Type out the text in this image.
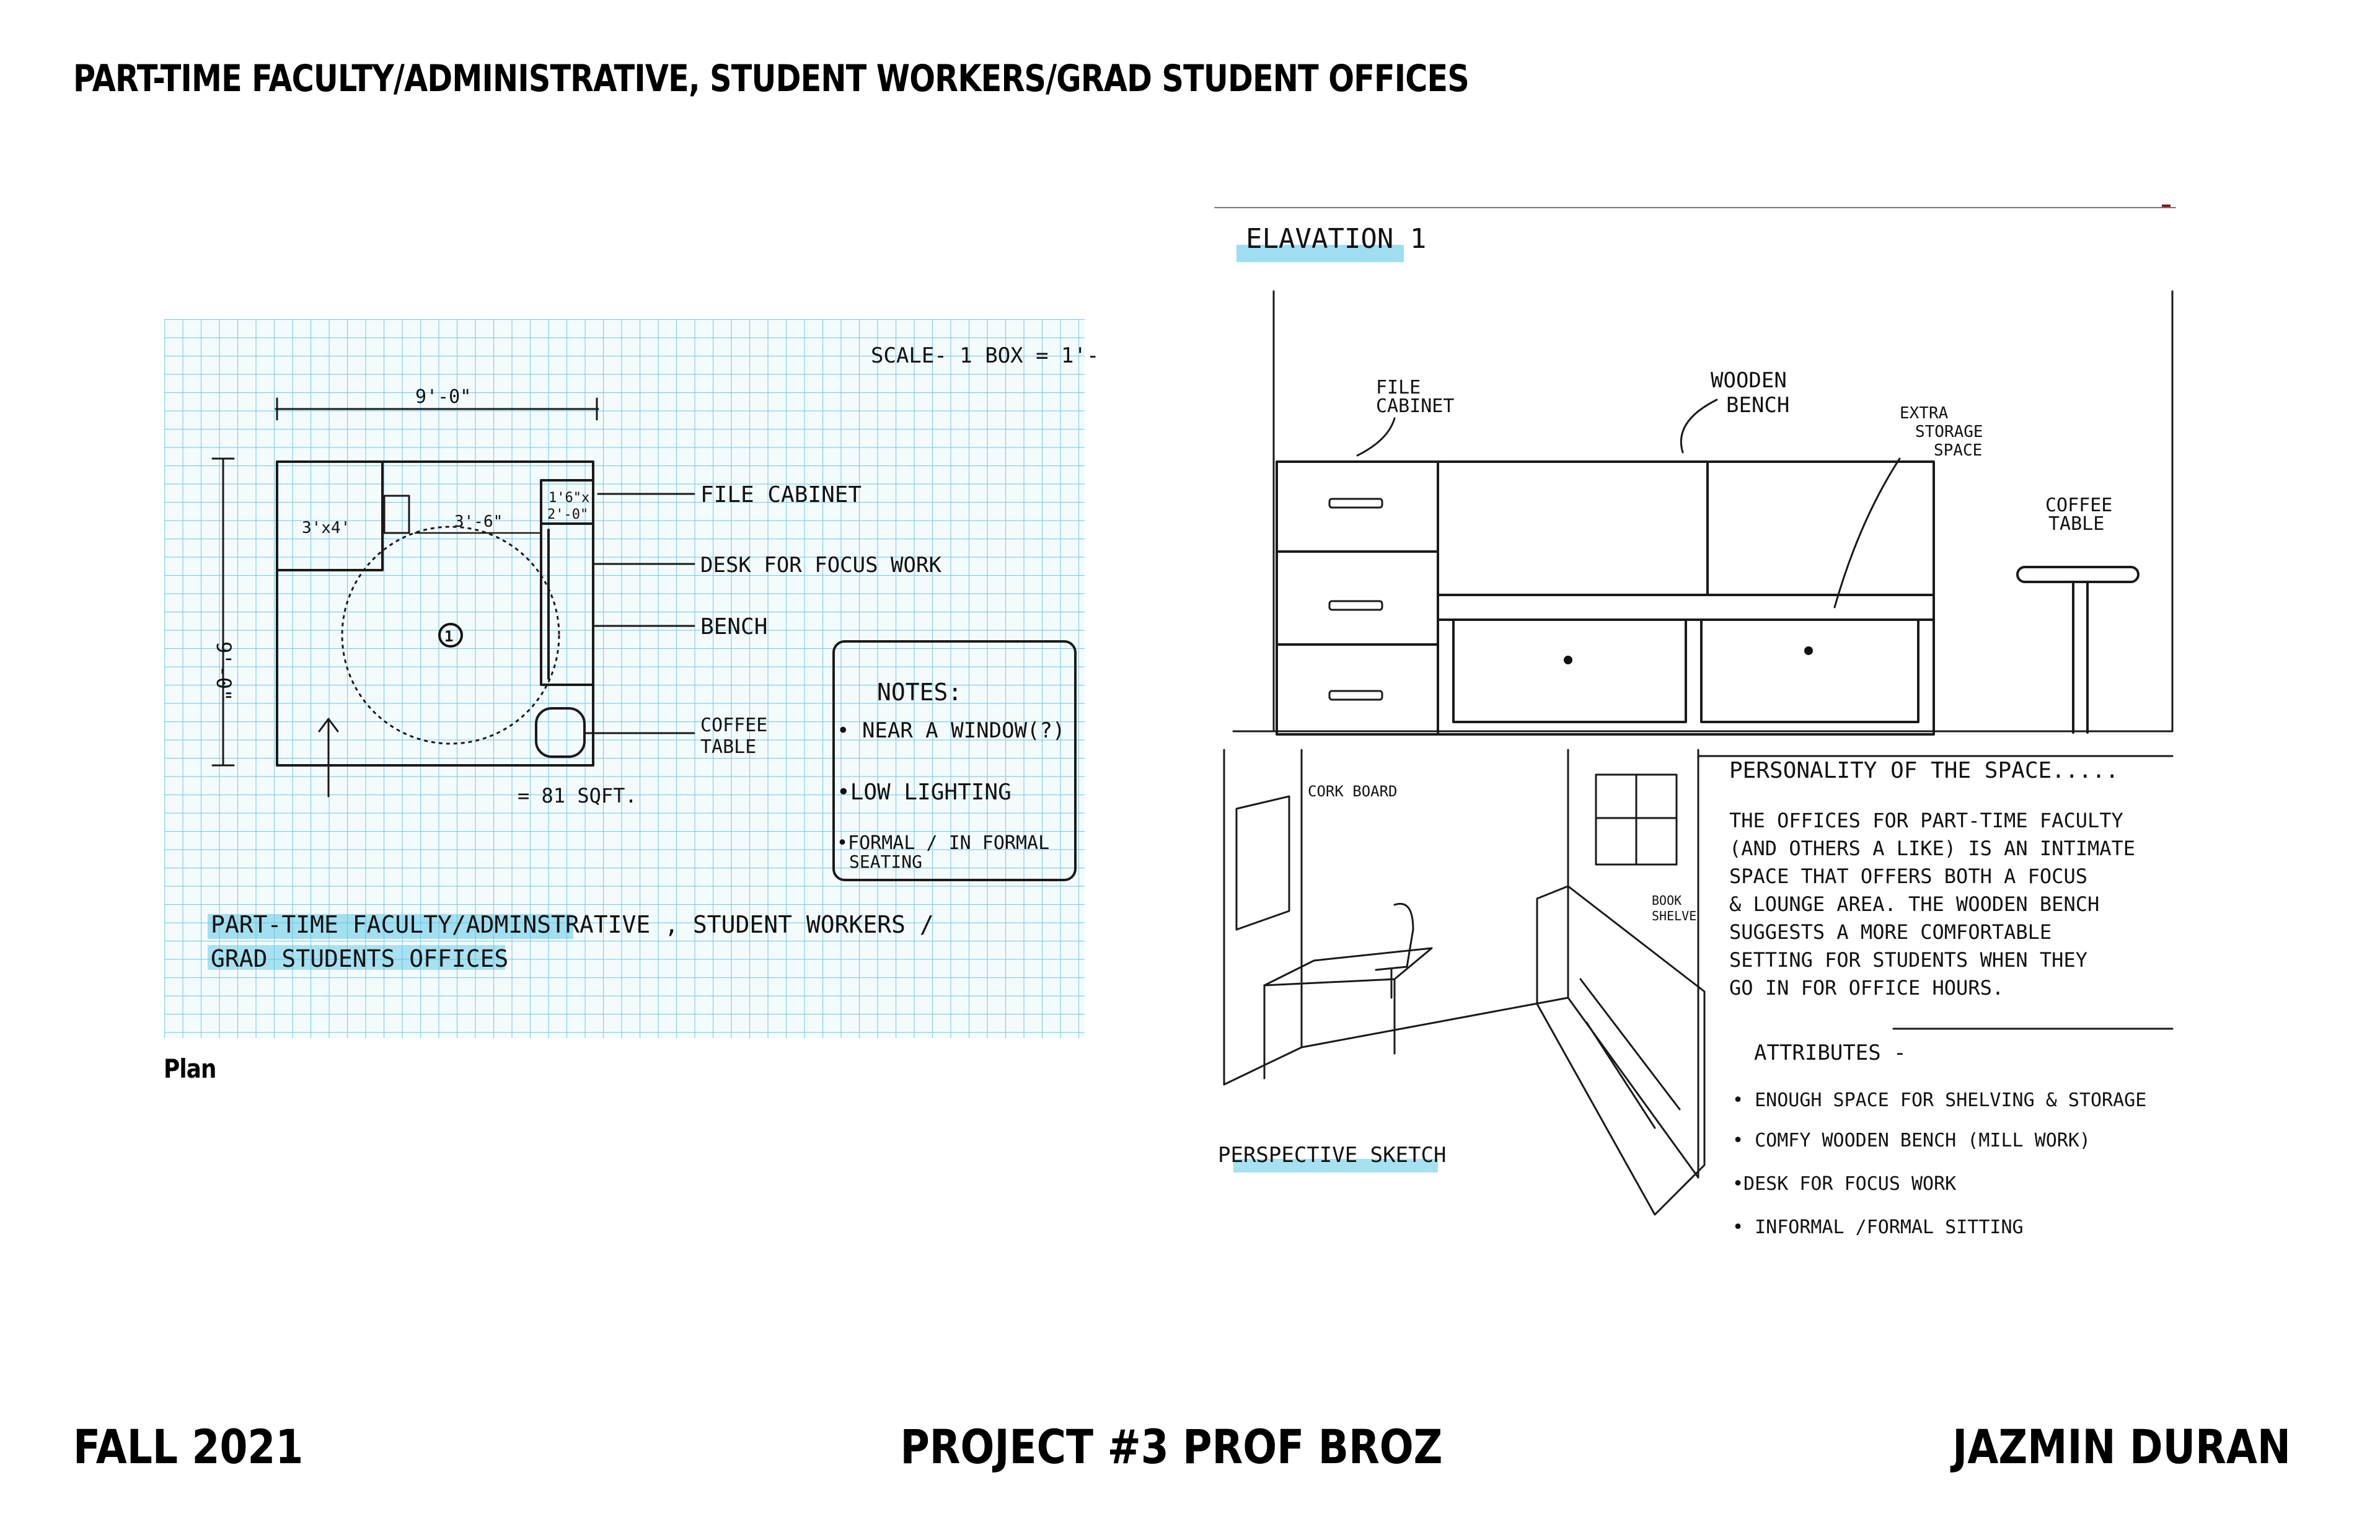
PART-TIME FACULTY/ADMINISTRATIVE, STUDENT WORKERS/GRAD STUDENT OFFICES
SCALE- 1 BOX = 1'-
9'-0"
9'-0"
1
3'x4'	3'-6"
1'6"x
2'-0"
= 81 SQFT.
FILE CABINET
DESK FOR FOCUS WORK
BENCH
COFFEE
TABLE
NOTES:
• NEAR A WINDOW(?)
•LOW LIGHTING
•FORMAL / IN FORMAL
SEATING
PART-TIME FACULTY/ADMINSTRATIVE , STUDENT WORKERS /
GRAD STUDENTS OFFICES
Plan
ELAVATION 1
FILE
CABINET
WOODEN
BENCH	EXTRA
STORAGE
SPACE
COFFEE
TABLE
PERSPECTIVE SKETCH
CORK BOARD
BOOK
SHELVE
PERSONALITY OF THE SPACE.....
THE OFFICES FOR PART-TIME FACULTY
(AND OTHERS A LIKE) IS AN INTIMATE
SPACE THAT OFFERS BOTH A FOCUS
& LOUNGE AREA. THE WOODEN BENCH
SUGGESTS A MORE COMFORTABLE
SETTING FOR STUDENTS WHEN THEY
GO IN FOR OFFICE HOURS.
ATTRIBUTES -
• ENOUGH SPACE FOR SHELVING & STORAGE
• COMFY WOODEN BENCH (MILL WORK)
•DESK FOR FOCUS WORK
• INFORMAL /FORMAL SITTING
FALL 2021	PROJECT #3 PROF BROZ	JAZMIN DURAN
